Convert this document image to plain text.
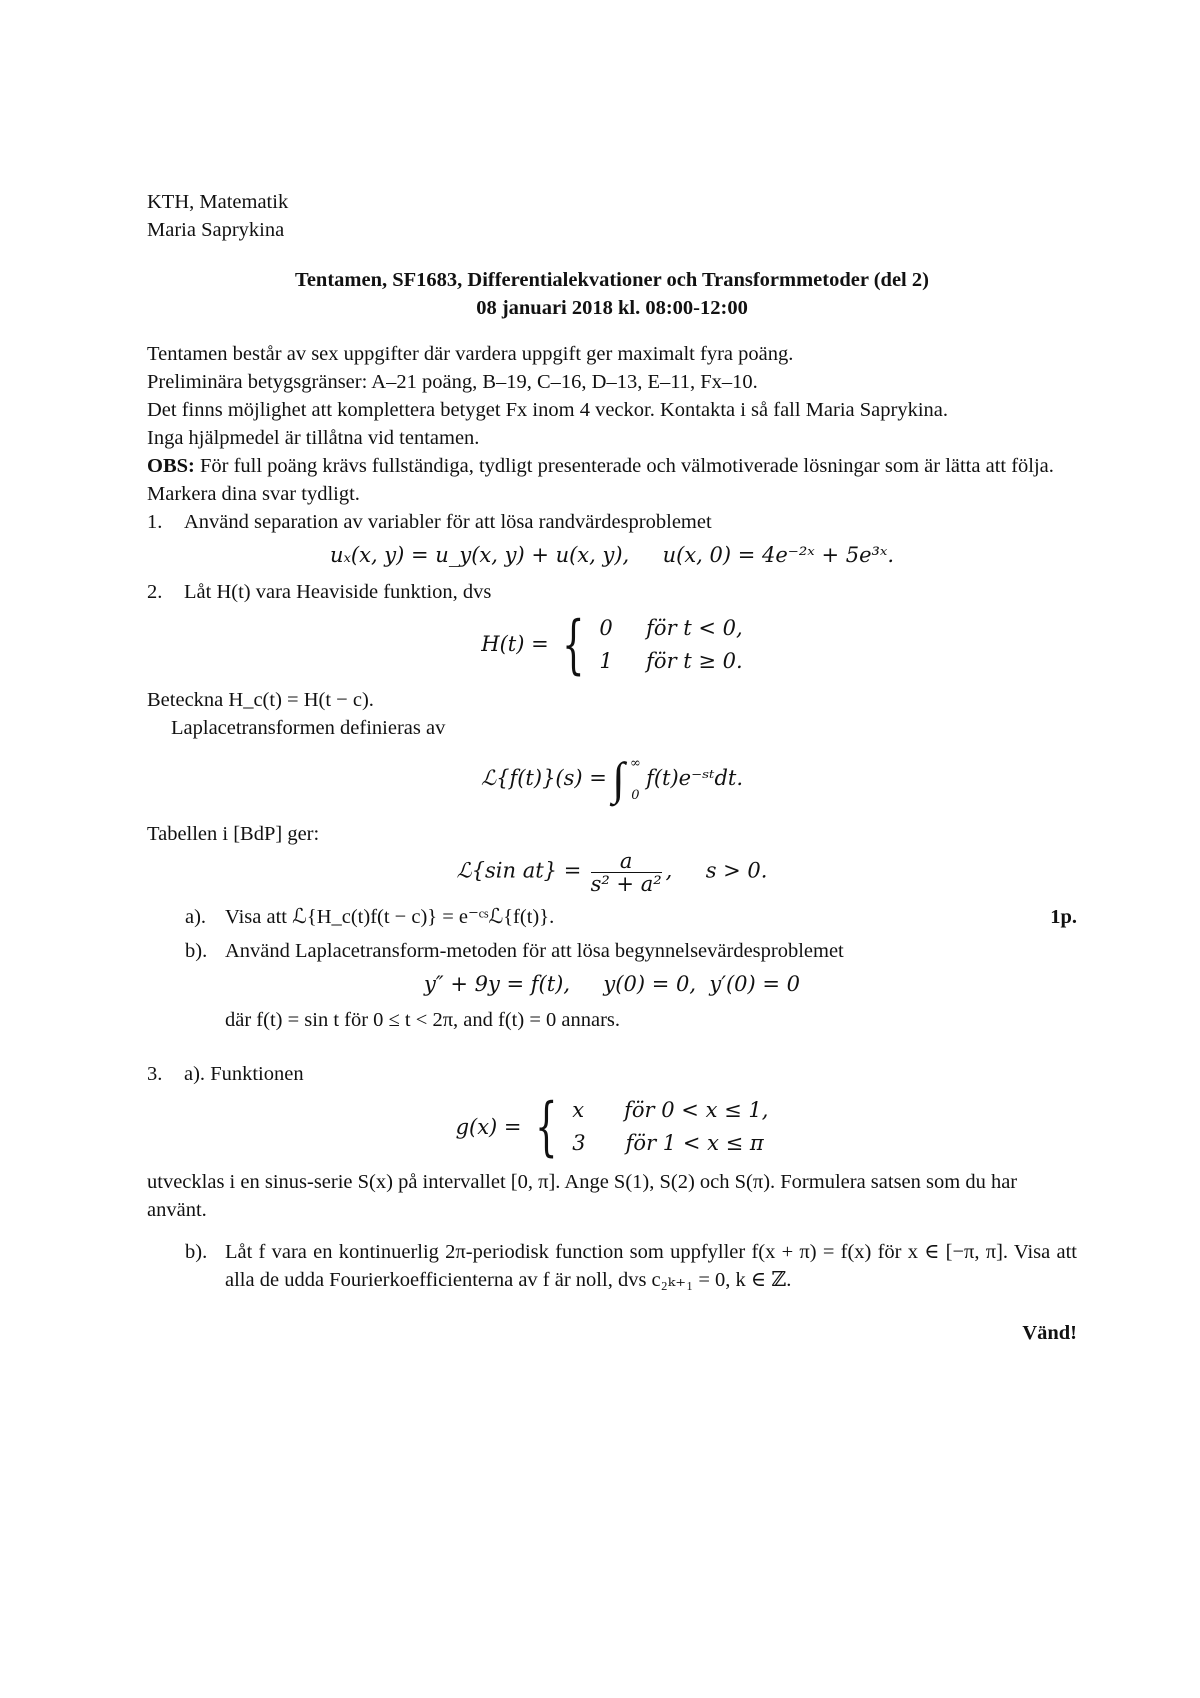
KTH, Matematik
Maria Saprykina
Tentamen, SF1683, Differentialekvationer och Transformmetoder (del 2)
08 januari 2018 kl. 08:00-12:00

Tentamen består av sex uppgifter där vardera uppgift ger maximalt fyra poäng.

Preliminära betygsgränser: A–21 poäng, B–19, C–16, D–13, E–11, Fx–10.

Det finns möjlighet att komplettera betyget Fx inom 4 veckor. Kontakta i så fall Maria Saprykina.

Inga hjälpmedel är tillåtna vid tentamen.

OBS: För full poäng krävs fullständiga, tydligt presenterade och välmotiverade lösningar som är lätta att följa. Markera dina svar tydligt.

1.	Använd separation av variabler för att lösa randvärdesproblemet
uₓ(x, y) = u_y(x, y) + u(x, y),     u(x, 0) = 4e⁻²ˣ + 5e³ˣ.
2.	Låt H(t) vara Heaviside funktion, dvs
H(t) = { 0     för t < 0,
1     för t ≥ 0.
Beteckna H_c(t) = H(t − c).
Laplacetransformen definieras av
ℒ{f(t)}(s) = ∫ ∞
0
f(t)e⁻ˢᵗdt.
Tabellen i [BdP] ger:
ℒ{sin $at\} = \frac{a}{\text{s² + a²}}$ ,     s > 0.
a). Visa att ℒ{H_c(t)f(t − c)} = e⁻ᶜˢℒ{f(t)}.	1p.
b). Använd Laplacetransform-metoden för att lösa begynnelsevärdesproblemet
y″ + 9y = f(t),     y(0) = 0,  y′(0) = 0
där f(t) = sin t för 0 ≤ t < 2π, and f(t) = 0 annars.
3.	a).
Funktionen
g(x) = { x      för 0 < x ≤ 1,
3      för 1 < x ≤ π
utvecklas i en sinus-serie S(x) på intervallet [0, π]. Ange S(1), S(2) och S(π). Formulera satsen som du har använt.
b). Låt f vara en kontinuerlig 2π-periodisk function som uppfyller f(x + π) = f(x) för x ∈ [−π, π]. Visa att alla de udda Fourierkoefficienterna av f är noll, dvs c₂ₖ₊₁ = 0, k ∈ ℤ.
Vänd!
